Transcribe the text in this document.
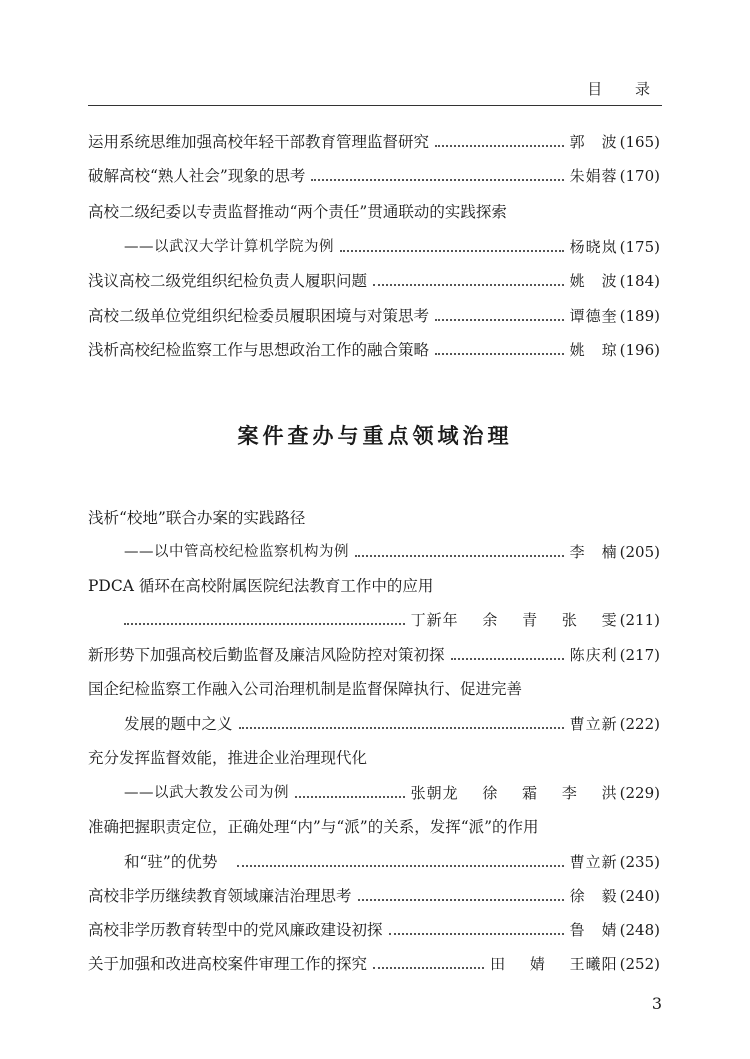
目 录
运用系统思维加强高校年轻干部教育管理监督研究	郭　波 (165)
破解高校“熟人社会”现象的思考	朱娟蓉 (170)
高校二级纪委以专责监督推动“两个责任”贯通联动的实践探索
——以武汉大学计算机学院为例	杨晓岚 (175)
浅议高校二级党组织纪检负责人履职问题	姚　波 (184)
高校二级单位党组织纪检委员履职困境与对策思考	谭德奎 (189)
浅析高校纪检监察工作与思想政治工作的融合策略	姚　琼 (196)
案件查办与重点领域治理
浅析“校地”联合办案的实践路径
——以中管高校纪检监察机构为例	李　楠 (205)
PDCA 循环在高校附属医院纪法教育工作中的应用
丁新年 余 青 张 雯 (211)
新形势下加强高校后勤监督及廉洁风险防控对策初探	陈庆利 (217)
国企纪检监察工作融入公司治理机制是监督保障执行、促进完善
发展的题中之义	曹立新 (222)
充分发挥监督效能，推进企业治理现代化
——以武大教发公司为例	张朝龙 徐 霜 李 洪 (229)
准确把握职责定位，正确处理“内”与“派”的关系，发挥“派”的作用
和“驻”的优势	曹立新 (235)
高校非学历继续教育领域廉洁治理思考	徐　毅 (240)
高校非学历教育转型中的党风廉政建设初探	鲁　婧 (248)
关于加强和改进高校案件审理工作的探究	田 婧 王曦阳 (252)
3
